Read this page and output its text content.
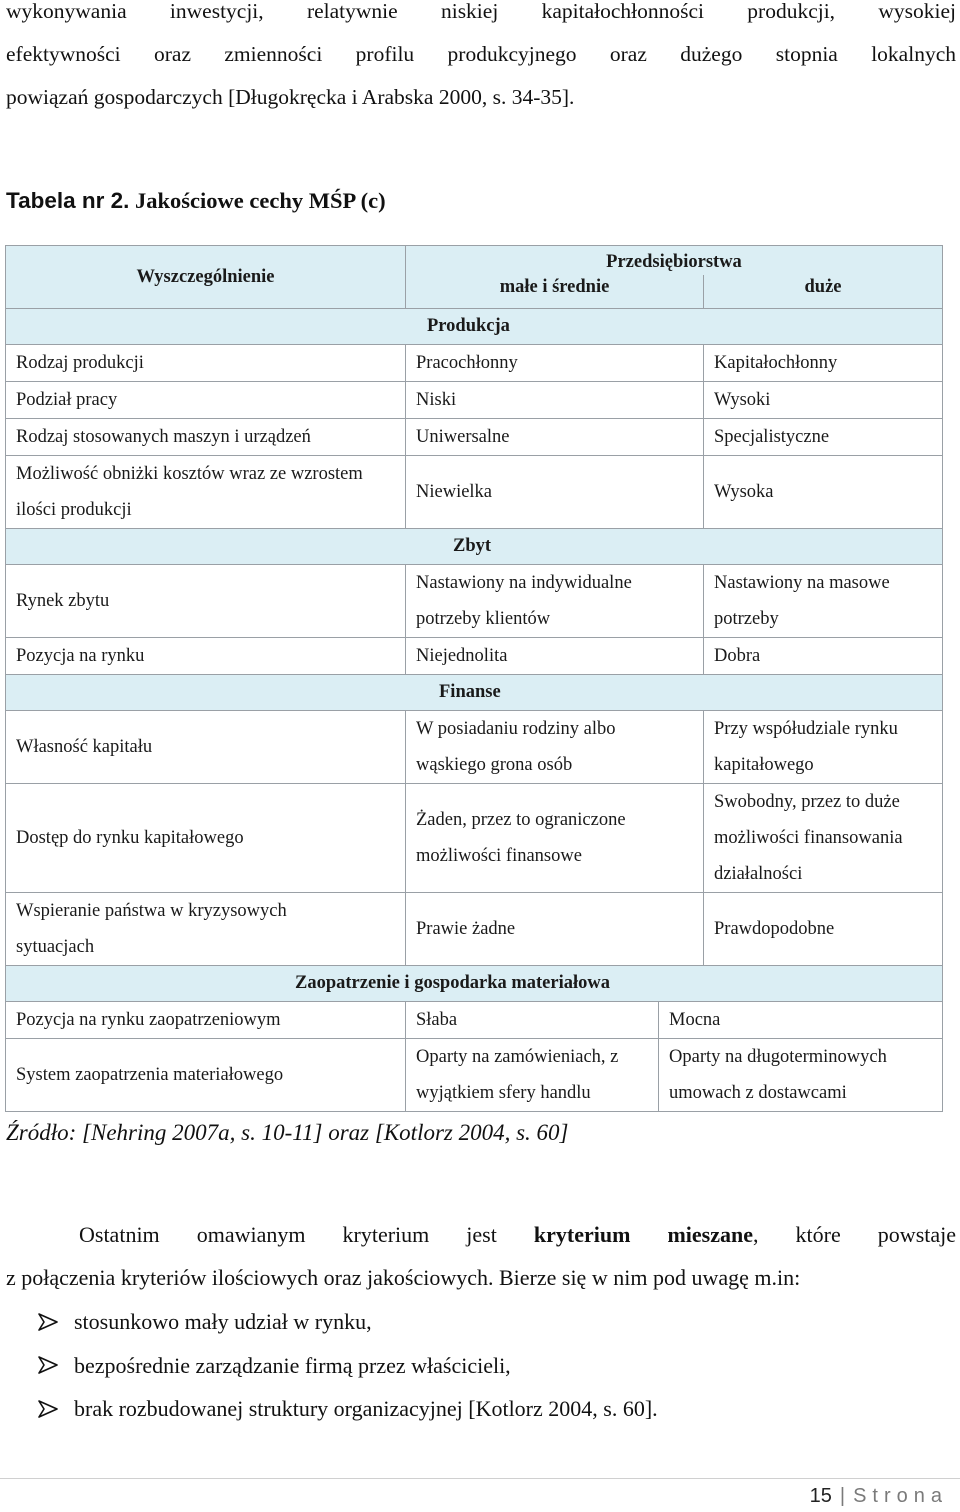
wykonywania inwestycji, relatywnie niskiej kapitałochłonności produkcji, wysokiej
efektywności oraz zmienności profilu produkcyjnego oraz dużego stopnia lokalnych
powiązań gospodarczych [Długokręcka i Arabska 2000, s. 34-35].
Tabela nr 2. Jakościowe cechy MŚP (c)
Wyszczególnienie	Przedsiębiorstwa		
	małe i średnie		duże
Produkcja			
Rodzaj produkcji	Pracochłonny		Kapitałochłonny
Podział pracy	Niski		Wysoki
Rodzaj stosowanych maszyn i urządzeń	Uniwersalne		Specjalistyczne
Możliwość obniżki kosztów wraz ze wzrostem ilości produkcji	Niewielka		Wysoka
Zbyt			
Rynek zbytu	Nastawiony na indywidualne potrzeby klientów		Nastawiony na masowe potrzeby
Pozycja na rynku	Niejednolita		Dobra
Finanse			
Własność kapitału	W posiadaniu rodziny albo wąskiego grona osób		Przy współudziale rynku kapitałowego
Dostęp do rynku kapitałowego	Żaden, przez to ograniczone możliwości finansowe		Swobodny, przez to duże możliwości finansowania działalności
Wspieranie państwa w kryzysowych sytuacjach	Prawie żadne		Prawdopodobne
Zaopatrzenie i gospodarka materiałowa			
Pozycja na rynku zaopatrzeniowym	Słaba	Mocna	
System zaopatrzenia materiałowego	Oparty na zamówieniach, z wyjątkiem sfery handlu	Oparty na długoterminowych umowach z dostawcami	
Źródło: [Nehring 2007a, s. 10-11] oraz [Kotlorz 2004, s. 60]
Ostatnim omawianym kryterium jest kryterium mieszane, które powstaje
z połączenia kryteriów ilościowych oraz jakościowych. Bierze się w nim pod uwagę m.in:
stosunkowo mały udział w rynku,
bezpośrednie zarządzanie firmą przez właścicieli,
brak rozbudowanej struktury organizacyjnej [Kotlorz 2004, s. 60].
15 | Strona
